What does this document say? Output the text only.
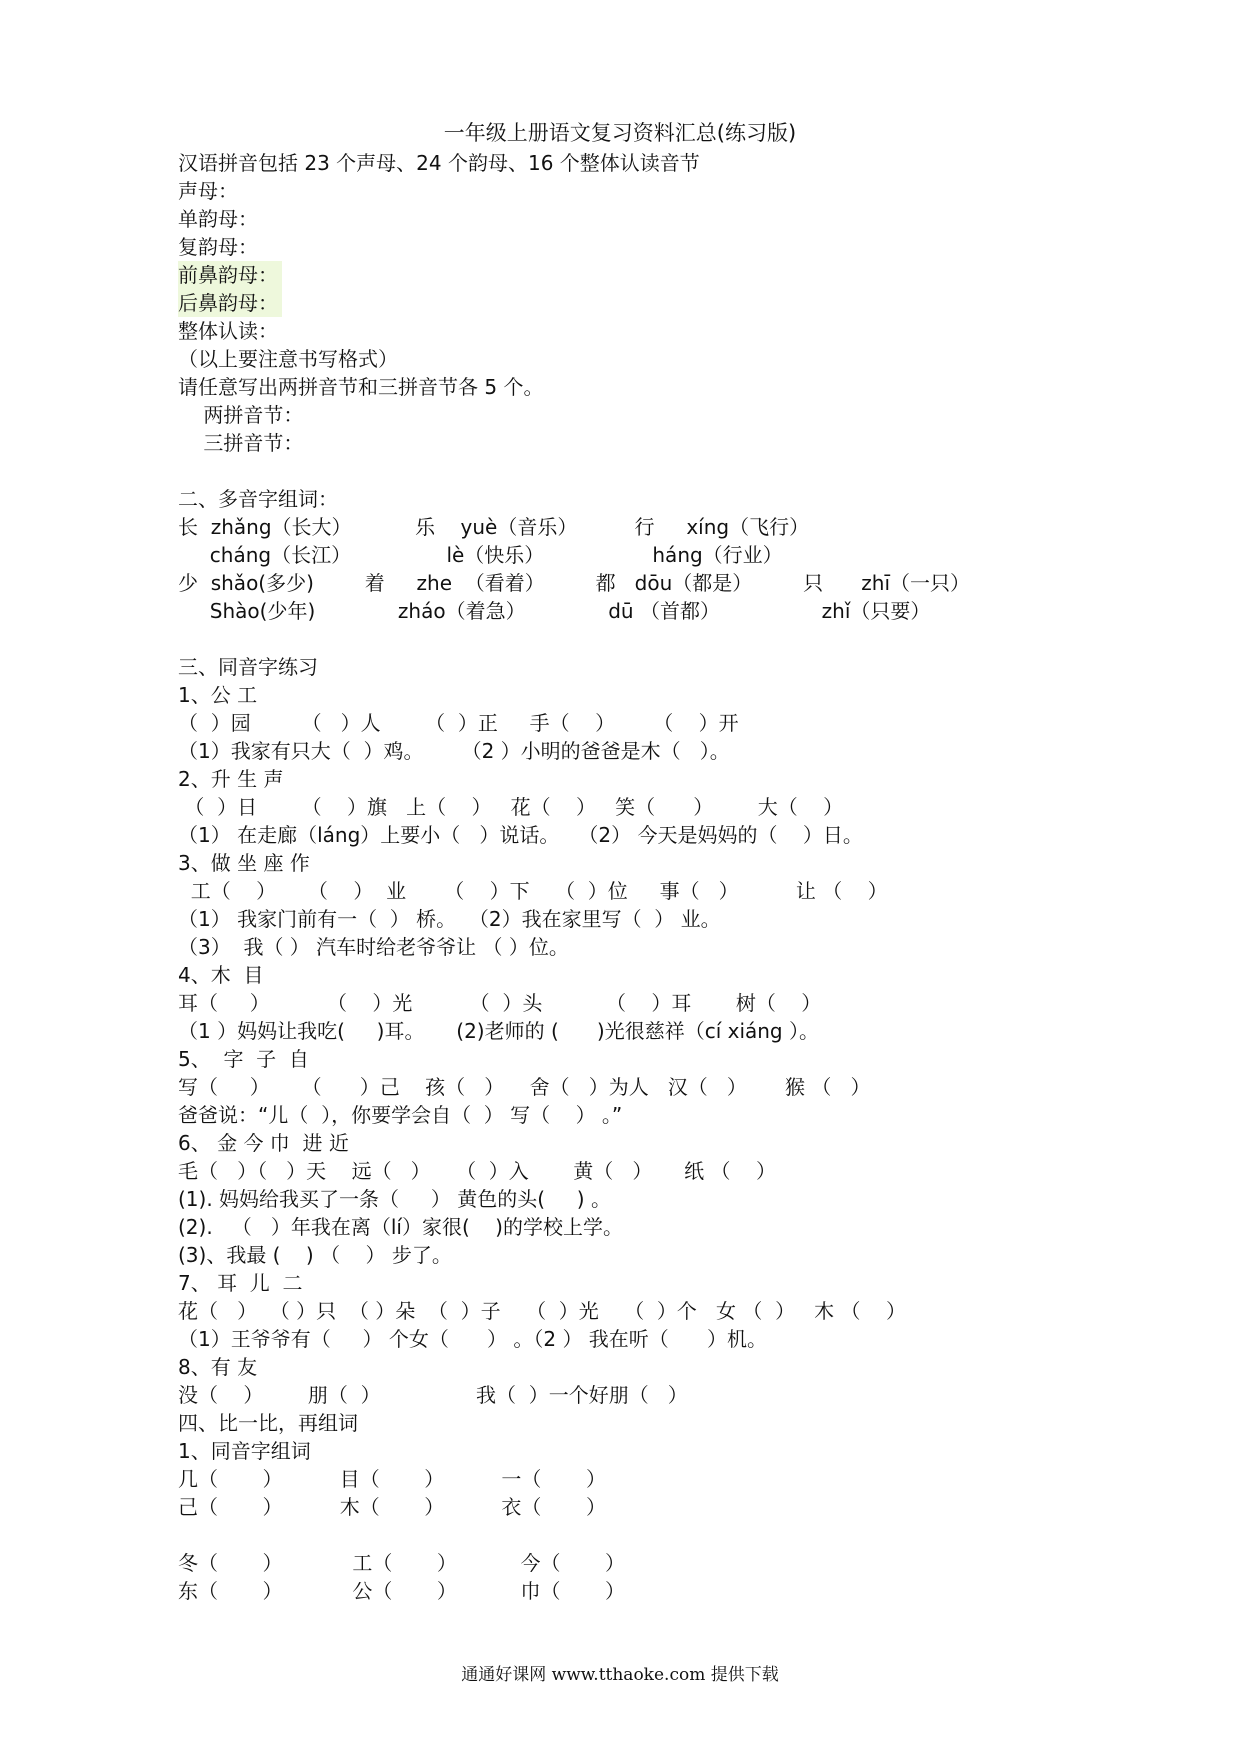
一年级上册语文复习资料汇总(练习版)
汉语拼音包括 23 个声母、24 个韵母、16 个整体认读音节
声母：
单韵母：
复韵母：
前鼻韵母：
后鼻韵母：
整体认读：
（以上要注意书写格式）
请任意写出两拼音节和三拼音节各 5 个。
两拼音节：
三拼音节：
二、多音字组词：
长  zhǎng（长大）          乐    yuè（音乐）         行     xíng（飞行）
cháng（长江）               lè（快乐）                 háng（行业）
少  shǎo(多少)        着     zhe  （看着）        都   dōu（都是）        只      zhī（一只）
Shào(少年)             zháo（着急）             dū （首都）                zhǐ（只要）
三、同音字练习
1、公 工
（  ）园        （   ）人       （  ）正     手（    ）      （    ）开
（1）我家有只大（  ）鸡。      （2 ）小明的爸爸是木（   ）。
2、升 生 声
（  ）日       （    ）旗   上（    ）   花（    ）   笑（      ）       大（    ）
（1） 在走廊（láng）上要小（   ）说话。   （2） 今天是妈妈的（    ）日。
3、做 坐 座 作
工（    ）     （    ）  业      （    ）下    （  ）位     事（   ）         让 （    ）
（1） 我家门前有一（  ） 桥。  （2）我在家里写（  ） 业。
（3）  我（ ） 汽车时给老爷爷让 （ ）位。
4、木  目
耳（     ）         （    ）光         （  ）头          （    ）耳       树（    ）
（1 ）妈妈让我吃(     )耳。     (2)老师的 (      )光很慈祥（cí xiáng ）。
5、  字  子  自
写（     ）     （      ）己    孩（   ）    舍（   ）为人   汉（   ）      猴 （   ）
爸爸说：“儿（  ），你要学会自（  ） 写（    ） 。”
6、 金 今 巾  进 近
毛（   ）（   ）天    远（   ）    （  ）入       黄（   ）     纸 （    ）
(1). 妈妈给我买了一条（     ） 黄色的头(     ) 。
(2).   （   ）年我在离（lí）家很(    )的学校上学。
(3)、我最 (    ) （    ） 步了。
7、 耳  儿  二
花（   ）  （ ）只  （ ）朵  （  ）子    （  ）光    （  ）个   女 （  ）   木 （    ）
（1）王爷爷有（     ） 个女（      ） 。（2 ） 我在听（      ）机。
8、有 友
没（    ）       朋（  ）               我（  ）一个好朋（   ）
四、比一比，再组词
1、同音字组词
几（       ）         目（       ）         一（       ）
己（       ）         木（       ）         衣（       ）
冬（       ）           工（       ）          今（       ）
东（       ）           公（       ）          巾（       ）
通通好课网 www.tthaoke.com 提供下载
